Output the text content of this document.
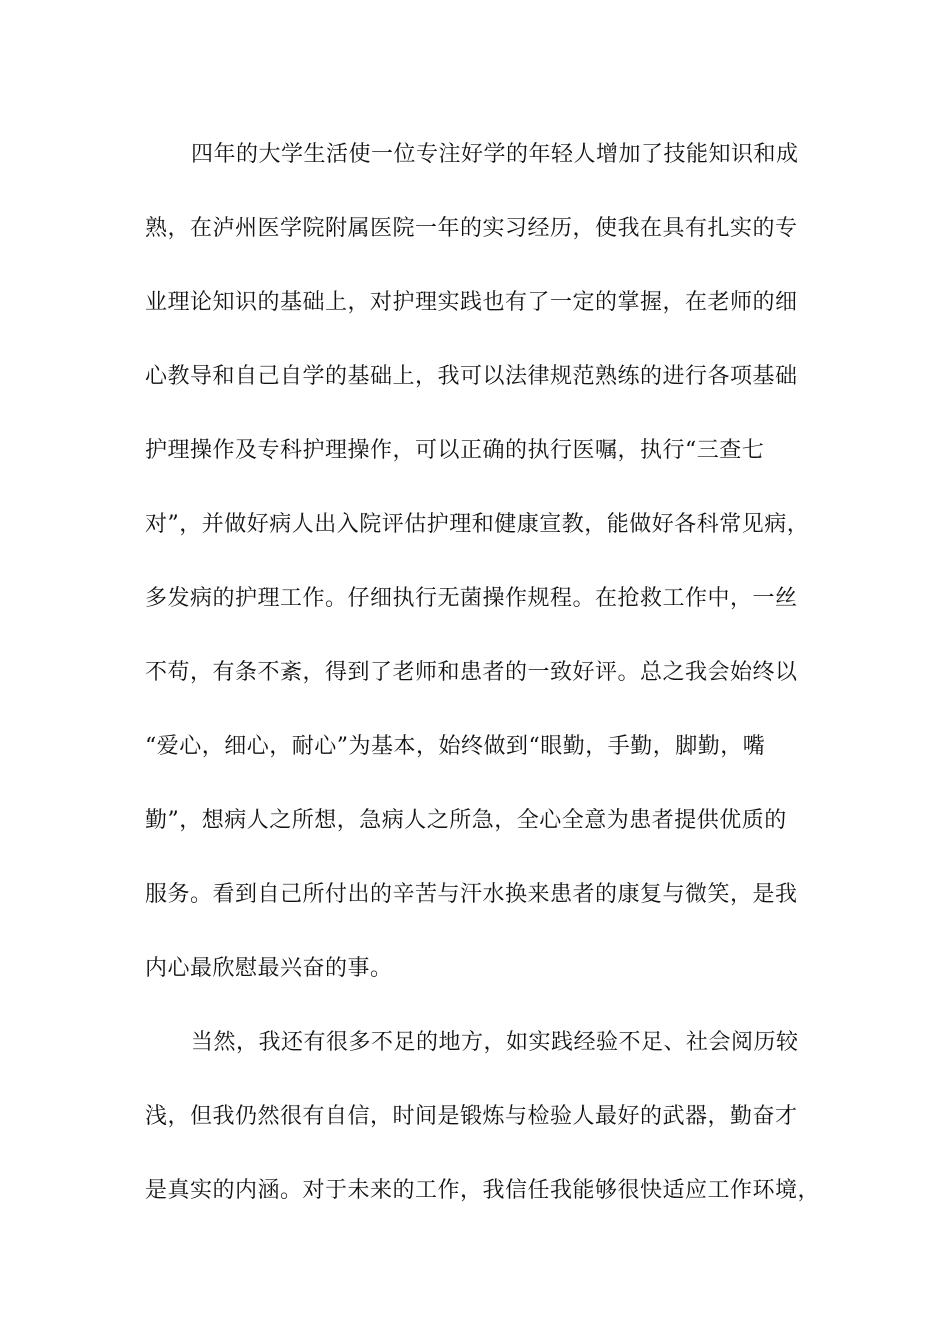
四年的大学生活使一位专注好学的年轻人增加了技能知识和成
熟，在泸州医学院附属医院一年的实习经历，使我在具有扎实的专
业理论知识的基础上，对护理实践也有了一定的掌握，在老师的细
心教导和自己自学的基础上，我可以法律规范熟练的进行各项基础
护理操作及专科护理操作，可以正确的执行医嘱，执行“三查七
对”，并做好病人出入院评估护理和健康宣教，能做好各科常见病，
多发病的护理工作。仔细执行无菌操作规程。在抢救工作中，一丝
不苟，有条不紊，得到了老师和患者的一致好评。总之我会始终以
“爱心，细心，耐心”为基本，始终做到“眼勤，手勤，脚勤，嘴
勤”，想病人之所想，急病人之所急，全心全意为患者提供优质的
服务。看到自己所付出的辛苦与汗水换来患者的康复与微笑，是我
内心最欣慰最兴奋的事。
当然，我还有很多不足的地方，如实践经验不足、社会阅历较
浅，但我仍然很有自信，时间是锻炼与检验人最好的武器，勤奋才
是真实的内涵。对于未来的工作，我信任我能够很快适应工作环境，
